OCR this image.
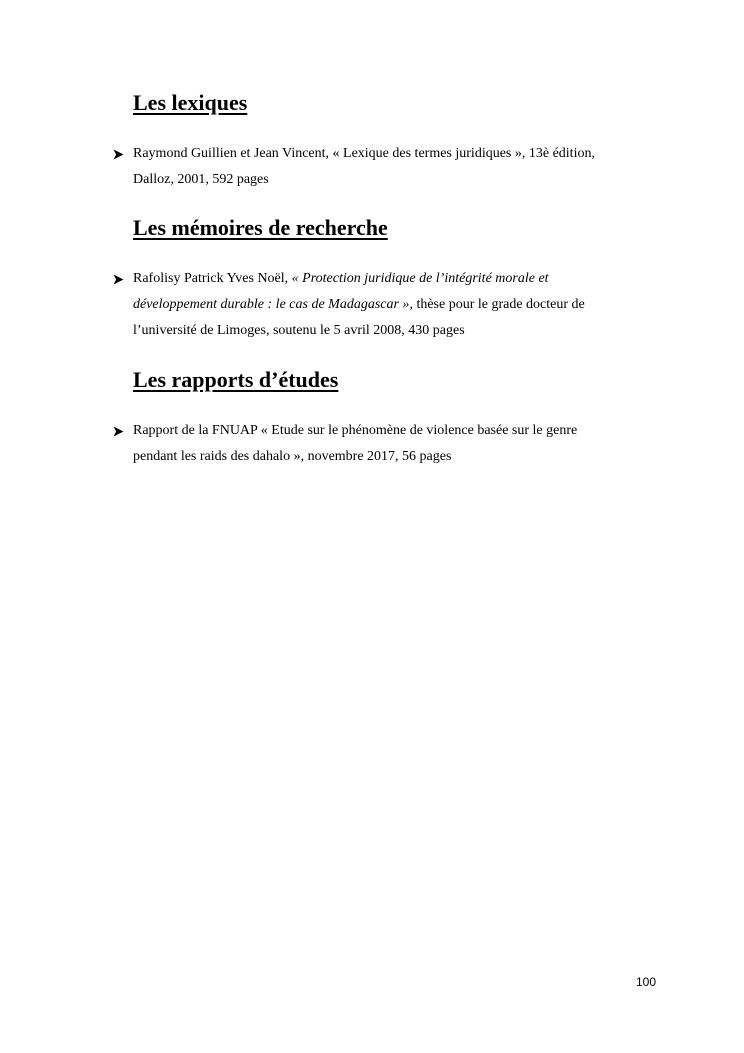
Les lexiques

Raymond Guillien et Jean Vincent, « Lexique des termes juridiques », 13è édition,
Dalloz, 2001, 592 pages

Les mémoires de recherche

Rafolisy Patrick Yves Noël, « Protection juridique de l’intégrité morale et
développement durable : le cas de Madagascar », thèse pour le grade docteur de
l’université de Limoges, soutenu le 5 avril 2008, 430 pages

Les rapports d’études

Rapport de la FNUAP « Etude sur le phénomène de violence basée sur le genre
pendant les raids des dahalo », novembre 2017, 56 pages

100
